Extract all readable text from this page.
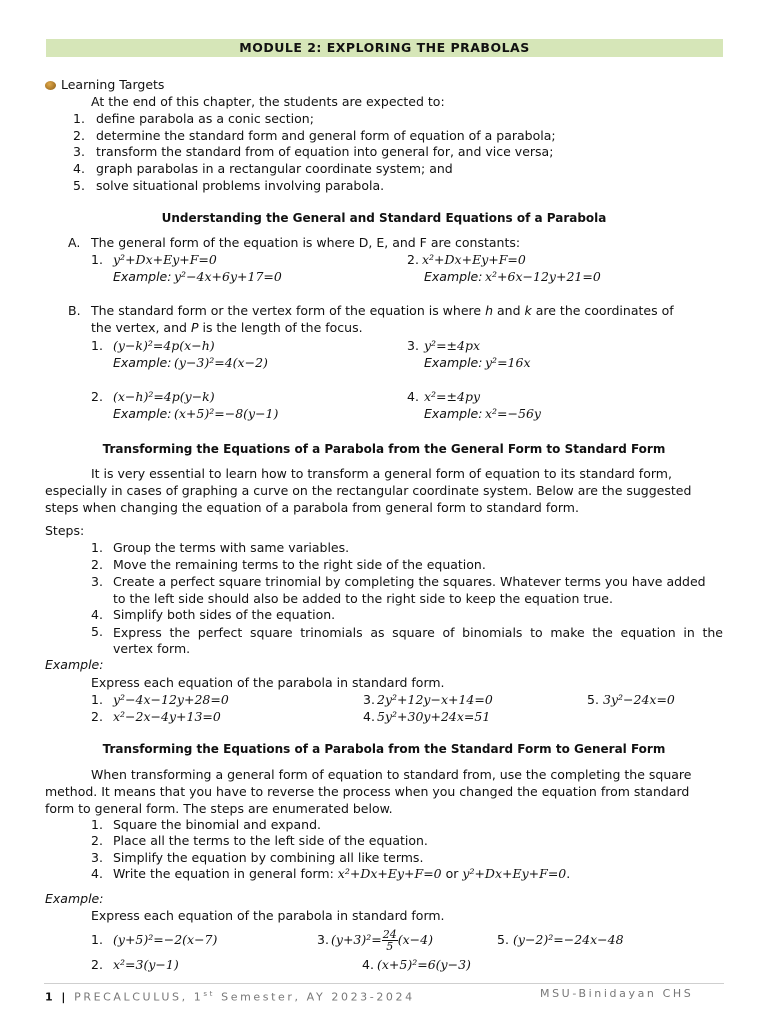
MODULE 2: EXPLORING THE PRABOLAS
Learning Targets
At the end of this chapter, the students are expected to:
1. define parabola as a conic section;
2. determine the standard form and general form of equation of a parabola;
3. transform the standard from of equation into general for, and vice versa;
4. graph parabolas in a rectangular coordinate system; and
5. solve situational problems involving parabola.
Understanding the General and Standard Equations of a Parabola
A. The general form of the equation is where D, E, and F are constants:
1. y²+Dx+Ey+F=0
Example: y²−4x+6y+17=0
2. x²+Dx+Ey+F=0
Example: x²+6x−12y+21=0
B. The standard form or the vertex form of the equation is where h and k are the coordinates of
the vertex, and P is the length of the focus.
1. (y−k)²=4p(x−h)
Example: (y−3)²=4(x−2)
3. y²=±4px
Example: y²=16x
2. (x−h)²=4p(y−k)
Example: (x+5)²=−8(y−1)
4. x²=±4py
Example: x²=−56y
Transforming the Equations of a Parabola from the General Form to Standard Form
It is very essential to learn how to transform a general form of equation to its standard form,
especially in cases of graphing a curve on the rectangular coordinate system. Below are the suggested
steps when changing the equation of a parabola from general form to standard form.
Steps:
1. Group the terms with same variables.
2. Move the remaining terms to the right side of the equation.
3. Create a perfect square trinomial by completing the squares. Whatever terms you have added
to the left side should also be added to the right side to keep the equation true.
4. Simplify both sides of the equation.
5. Express the perfect square trinomials as square of binomials to make the equation in the
vertex form.
Example:
Express each equation of the parabola in standard form.
1. y²−4x−12y+28=0	3. 2y²+12y−x+14=0	5. 3y²−24x=0
2. x²−2x−4y+13=0	4. 5y²+30y+24x=51
Transforming the Equations of a Parabola from the Standard Form to General Form
When transforming a general form of equation to standard from, use the completing the square
method. It means that you have to reverse the process when you changed the equation from standard
form to general form. The steps are enumerated below.
1. Square the binomial and expand.
2. Place all the terms to the left side of the equation.
3. Simplify the equation by combining all like terms.
4. Write the equation in general form: x²+Dx+Ey+F=0 or y²+Dx+Ey+F=0.
Example:
Express each equation of the parabola in standard form.
1. (y+5)²=−2(x−7)	3. $(y+3)^2= \frac{24}{5} (x-4)$	5. (y−2)²=−24x−48
2. x²=3(y−1)	4. (x+5)²=6(y−3)
1 | PRECALCULUS, 1st Semester, AY 2023-2024	MSU-Binidayan CHS
